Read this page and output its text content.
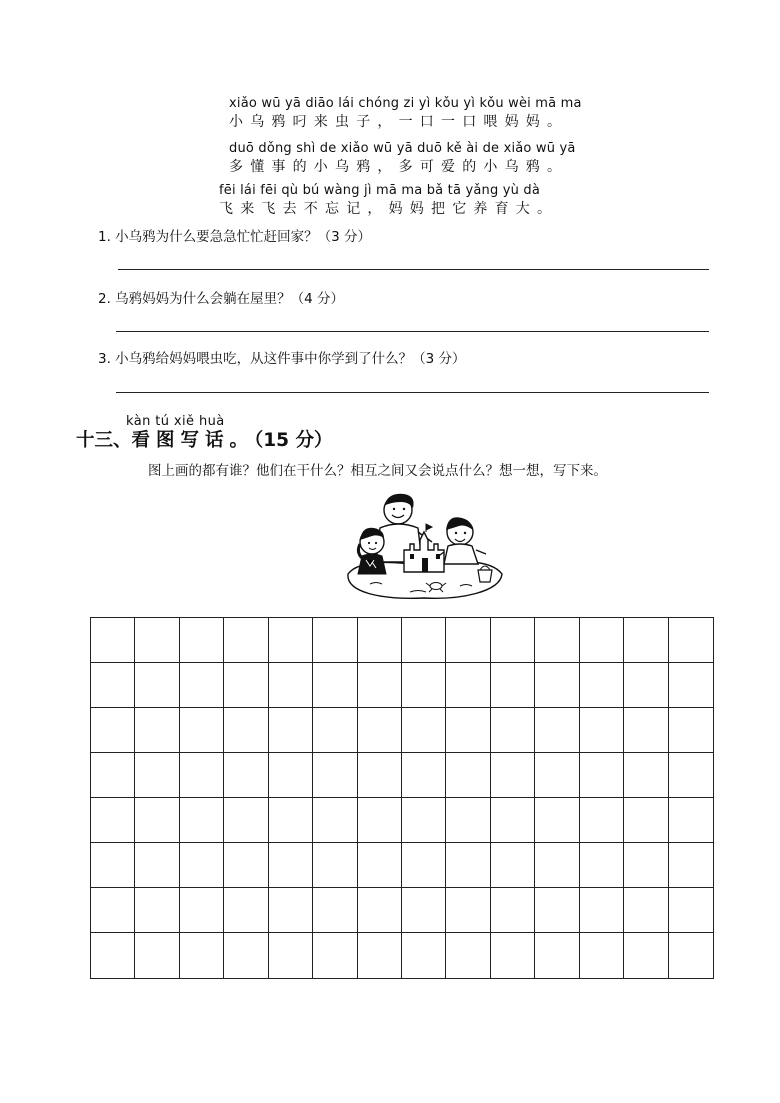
xiǎo wū yā diāo lái chóng zi yì kǒu yì kǒu wèi mā ma
小乌鸦叼来虫子，一口一口喂妈妈。
duō dǒng shì de xiǎo wū yā duō kě ài de xiǎo wū yā
多懂事的小乌鸦，多可爱的小乌鸦。
fēi lái fēi qù bú wàng jì mā ma bǎ tā yǎng yù dà
飞来飞去不忘记，妈妈把它养育大。
1. 小乌鸦为什么要急急忙忙赶回家？（3 分）
2. 乌鸦妈妈为什么会躺在屋里？（4 分）
3. 小乌鸦给妈妈喂虫吃，从这件事中你学到了什么？（3 分）
kàn tú xiě huà
十三、看图写话。（15 分）
图上画的都有谁？他们在干什么？相互之间又会说点什么？想一想，写下来。
